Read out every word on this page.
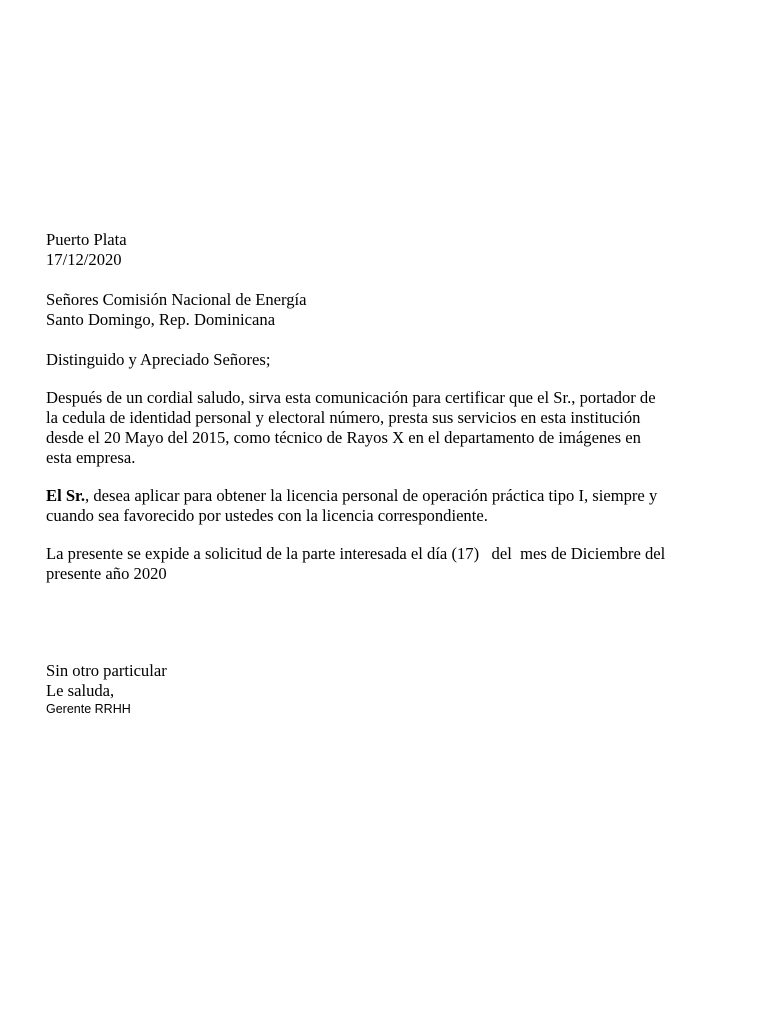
Puerto Plata
17/12/2020
Señores Comisión Nacional de Energía
Santo Domingo, Rep. Dominicana
Distinguido y Apreciado Señores;
Después de un cordial saludo, sirva esta comunicación para certificar que el Sr., portador de
la cedula de identidad personal y electoral número, presta sus servicios en esta institución
desde el 20 Mayo del 2015, como técnico de Rayos X en el departamento de imágenes en
esta empresa.
El Sr., desea aplicar para obtener la licencia personal de operación práctica tipo I, siempre y
cuando sea favorecido por ustedes con la licencia correspondiente.
La presente se expide a solicitud de la parte interesada el día (17)   del  mes de Diciembre del
presente año 2020
Sin otro particular
Le saluda,
Gerente RRHH
